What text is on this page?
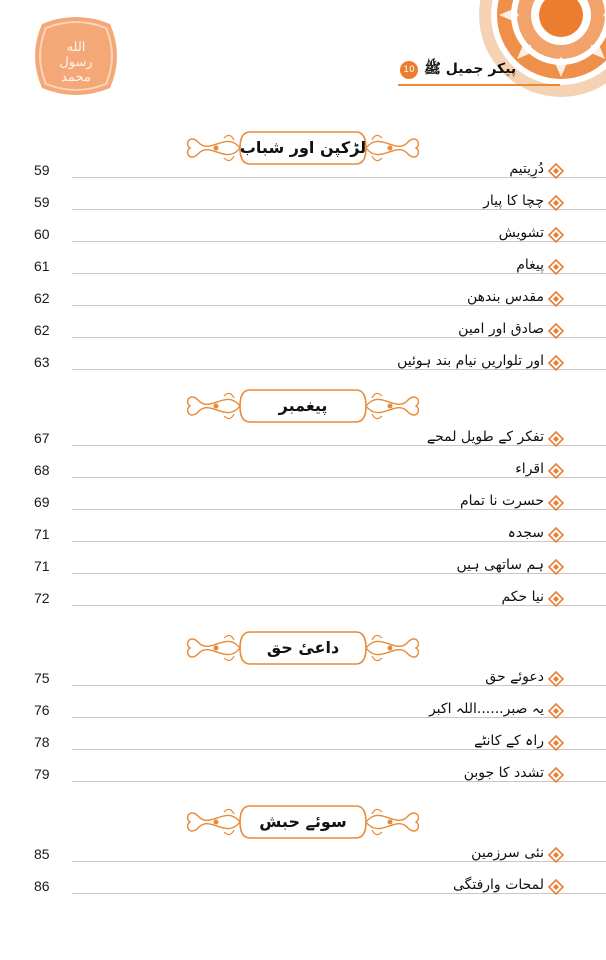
الله
رسول
محمد
پیکر جمیل ﷺ
10
لڑکپن اور شباب
59	دُرِیتیم
59	چچا کا پیار
60	تشویش
61	پیغام
62	مقدس بندھن
62	صادق اور امین
63	اور تلواریں نیام بند ہوئیں
پیغمبر
67	تفکر کے طویل لمحے
68	اقراء
69	حسرت نا تمام
71	سجدہ
71	ہم ساتھی ہیں
72	نیا حکم
داعیٔ حق
75	دعوئے حق
76	یہ صبر......اللہ اکبر
78	راہ کے کانٹے
79	تشدد کا جوبن
سوئے حبش
85	نئی سرزمین
86	لمحات وارفتگی
